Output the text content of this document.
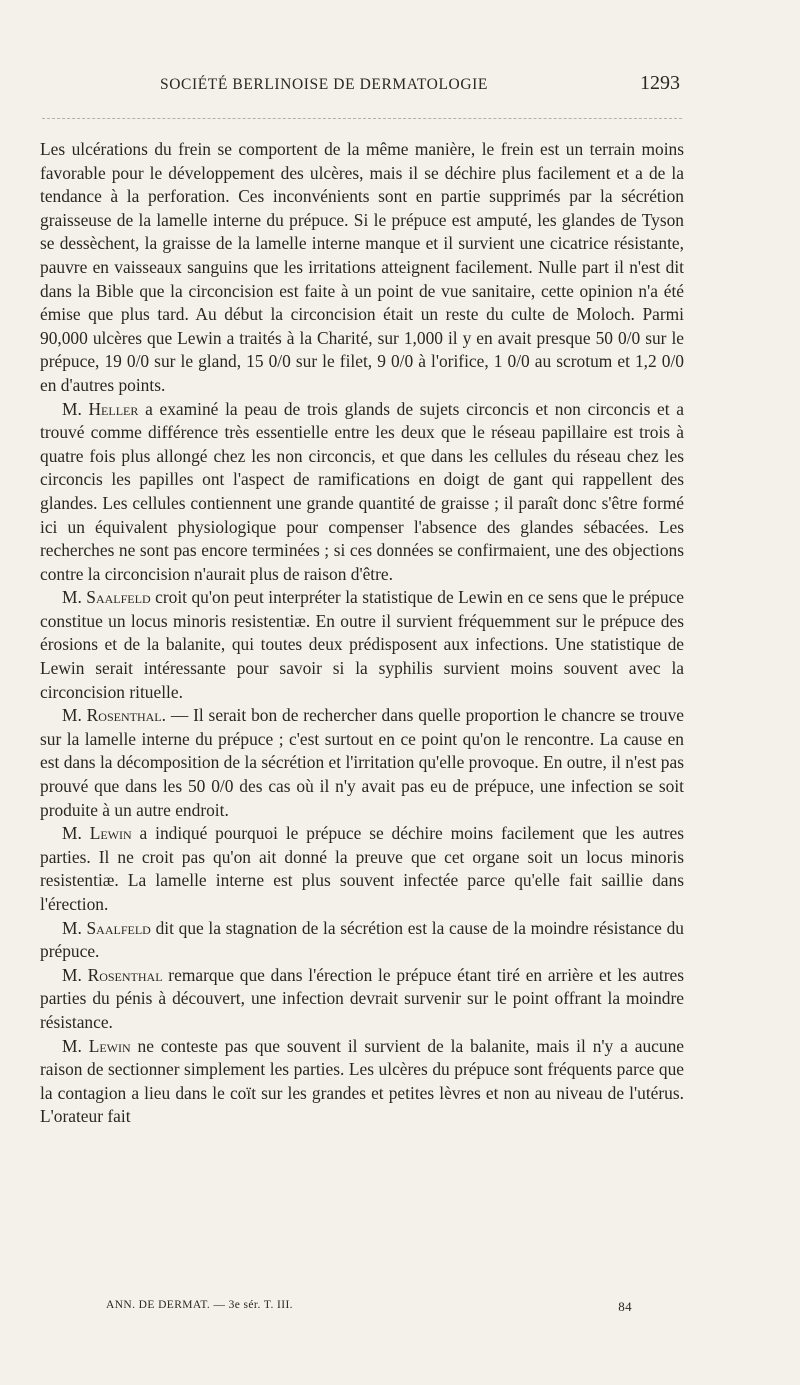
SOCIÉTÉ BERLINOISE DE DERMATOLOGIE	1293

Les ulcérations du frein se comportent de la même manière, le frein est un terrain moins favorable pour le développement des ulcères, mais il se déchire plus facilement et a de la tendance à la perforation. Ces inconvénients sont en partie supprimés par la sécrétion graisseuse de la lamelle interne du prépuce. Si le prépuce est amputé, les glandes de Tyson se dessèchent, la graisse de la lamelle interne manque et il survient une cicatrice résistante, pauvre en vaisseaux sanguins que les irritations atteignent facilement. Nulle part il n'est dit dans la Bible que la circoncision est faite à un point de vue sanitaire, cette opinion n'a été émise que plus tard. Au début la circoncision était un reste du culte de Moloch. Parmi 90,000 ulcères que Lewin a traités à la Charité, sur 1,000 il y en avait presque 50 0/0 sur le prépuce, 19 0/0 sur le gland, 15 0/0 sur le filet, 9 0/0 à l'orifice, 1 0/0 au scrotum et 1,2 0/0 en d'autres points.

M. Heller a examiné la peau de trois glands de sujets circoncis et non circoncis et a trouvé comme différence très essentielle entre les deux que le réseau papillaire est trois à quatre fois plus allongé chez les non circoncis, et que dans les cellules du réseau chez les circoncis les papilles ont l'aspect de ramifications en doigt de gant qui rappellent des glandes. Les cellules contiennent une grande quantité de graisse ; il paraît donc s'être formé ici un équivalent physiologique pour compenser l'absence des glandes sébacées. Les recherches ne sont pas encore terminées ; si ces données se confirmaient, une des objections contre la circoncision n'aurait plus de raison d'être.

M. Saalfeld croit qu'on peut interpréter la statistique de Lewin en ce sens que le prépuce constitue un locus minoris resistentiæ. En outre il survient fréquemment sur le prépuce des érosions et de la balanite, qui toutes deux prédisposent aux infections. Une statistique de Lewin serait intéressante pour savoir si la syphilis survient moins souvent avec la circoncision rituelle.

M. Rosenthal. — Il serait bon de rechercher dans quelle proportion le chancre se trouve sur la lamelle interne du prépuce ; c'est surtout en ce point qu'on le rencontre. La cause en est dans la décomposition de la sécrétion et l'irritation qu'elle provoque. En outre, il n'est pas prouvé que dans les 50 0/0 des cas où il n'y avait pas eu de prépuce, une infection se soit produite à un autre endroit.

M. Lewin a indiqué pourquoi le prépuce se déchire moins facilement que les autres parties. Il ne croit pas qu'on ait donné la preuve que cet organe soit un locus minoris resistentiæ. La lamelle interne est plus souvent infectée parce qu'elle fait saillie dans l'érection.

M. Saalfeld dit que la stagnation de la sécrétion est la cause de la moindre résistance du prépuce.

M. Rosenthal remarque que dans l'érection le prépuce étant tiré en arrière et les autres parties du pénis à découvert, une infection devrait survenir sur le point offrant la moindre résistance.

M. Lewin ne conteste pas que souvent il survient de la balanite, mais il n'y a aucune raison de sectionner simplement les parties. Les ulcères du prépuce sont fréquents parce que la contagion a lieu dans le coït sur les grandes et petites lèvres et non au niveau de l'utérus. L'orateur fait

ANN. DE DERMAT. — 3e sér. T. III.	84
